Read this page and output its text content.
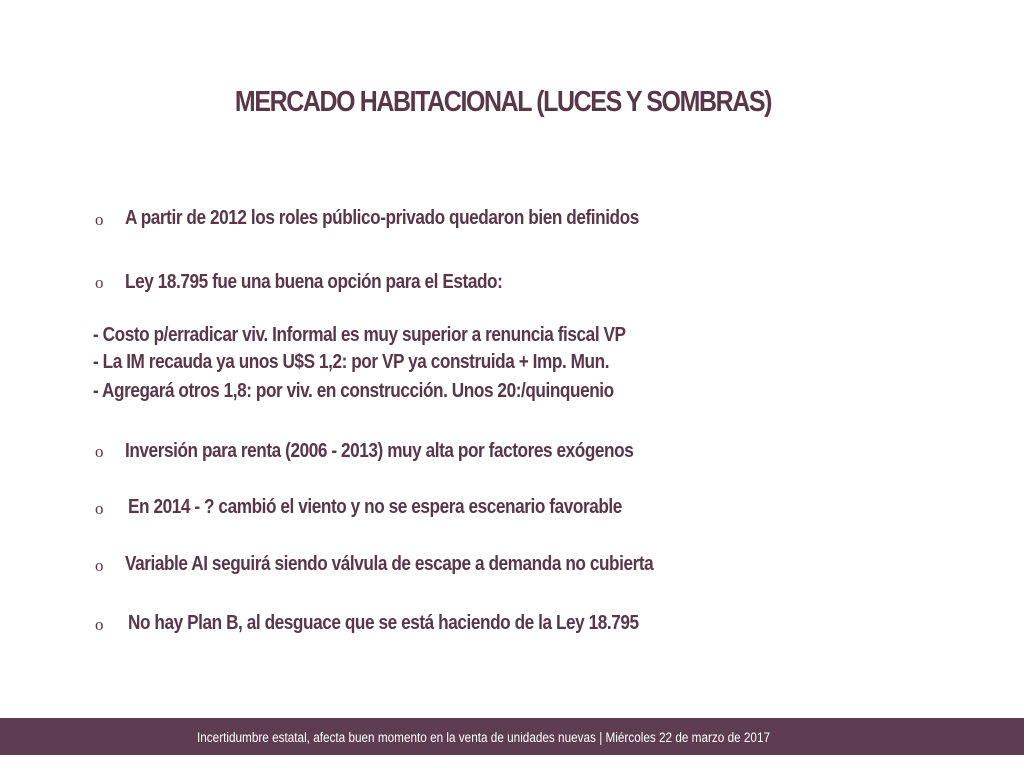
MERCADO HABITACIONAL (LUCES Y SOMBRAS)
o A partir de 2012 los roles público-privado quedaron bien definidos
o Ley 18.795 fue una buena opción para el Estado:
- Costo p/erradicar viv. Informal es muy superior a renuncia fiscal VP
- La IM recauda ya unos U$S 1,2: por VP ya construida + Imp. Mun.
- Agregará otros 1,8: por viv. en construcción. Unos 20:/quinquenio
o Inversión para renta (2006 - 2013) muy alta por factores exógenos
o En 2014 - ? cambió el viento y no se espera escenario favorable
o Variable AI seguirá siendo válvula de escape a demanda no cubierta
o No hay Plan B, al desguace que se está haciendo de la Ley 18.795
Incertidumbre estatal, afecta buen momento en la venta de unidades nuevas | Miércoles 22 de marzo de 2017
